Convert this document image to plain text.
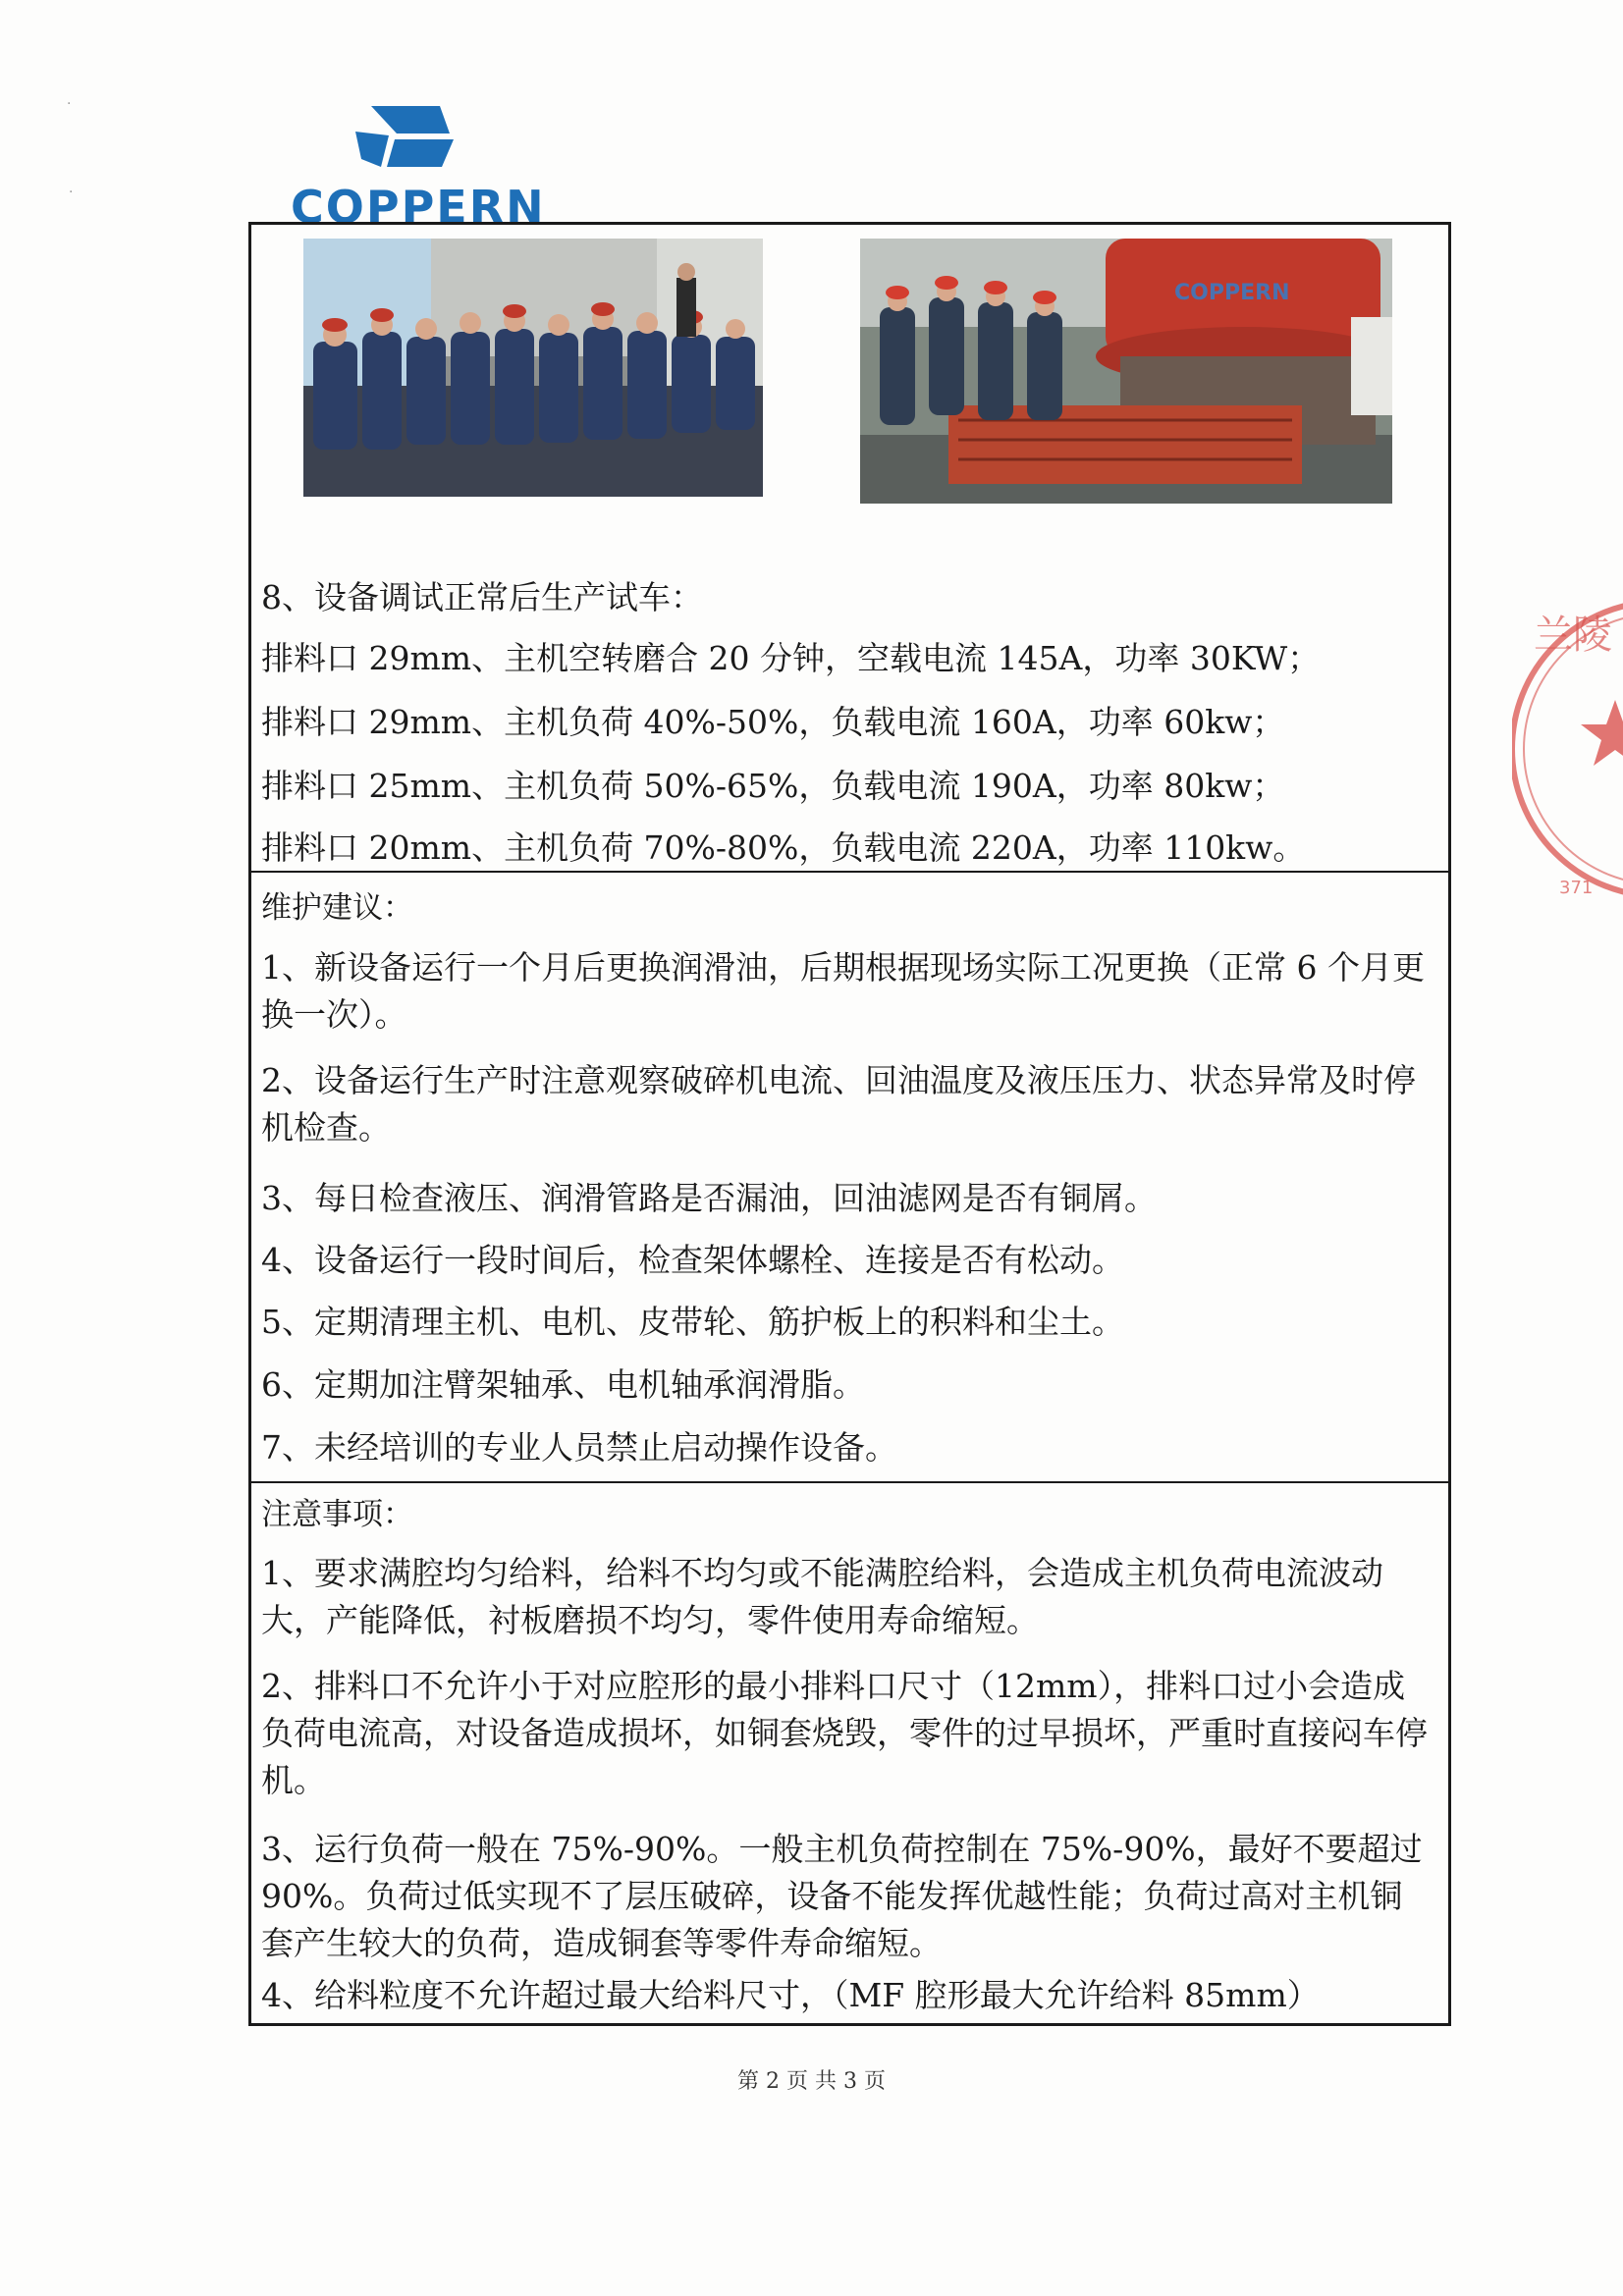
·
·	COPPERN
COPPERN

8、设备调试正常后生产试车：

排料口 29mm、主机空转磨合 20 分钟，空载电流 145A，功率 30KW；

排料口 29mm、主机负荷 40%-50%，负载电流 160A，功率 60kw；

排料口 25mm、主机负荷 50%-65%，负载电流 190A，功率 80kw；

排料口 20mm、主机负荷 70%-80%，负载电流 220A，功率 110kw。

维护建议：

1、新设备运行一个月后更换润滑油，后期根据现场实际工况更换（正常 6 个月更换一次）。

2、设备运行生产时注意观察破碎机电流、回油温度及液压压力、状态异常及时停机检查。

3、每日检查液压、润滑管路是否漏油，回油滤网是否有铜屑。

4、设备运行一段时间后，检查架体螺栓、连接是否有松动。

5、定期清理主机、电机、皮带轮、筋护板上的积料和尘土。

6、定期加注臂架轴承、电机轴承润滑脂。

7、未经培训的专业人员禁止启动操作设备。

注意事项：

1、要求满腔均匀给料，给料不均匀或不能满腔给料，会造成主机负荷电流波动大，产能降低，衬板磨损不均匀，零件使用寿命缩短。

2、排料口不允许小于对应腔形的最小排料口尺寸（12mm），排料口过小会造成负荷电流高，对设备造成损坏，如铜套烧毁，零件的过早损坏，严重时直接闷车停机。

3、运行负荷一般在 75%-90%。一般主机负荷控制在 75%-90%，最好不要超过 90%。负荷过低实现不了层压破碎，设备不能发挥优越性能；负荷过高对主机铜套产生较大的负荷，造成铜套等零件寿命缩短。

4、给料粒度不允许超过最大给料尺寸，（MF 腔形最大允许给料 85mm）

兰陵
371
第 2 页 共 3 页
